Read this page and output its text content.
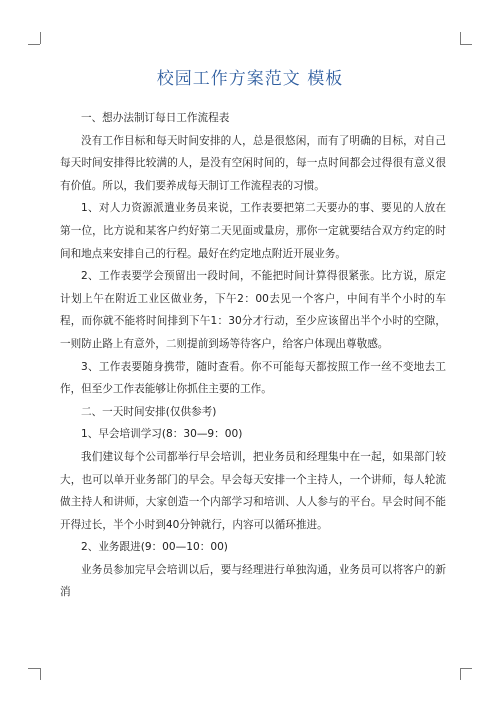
校园工作方案范文 模板

一、想办法制订每日工作流程表

没有工作目标和每天时间安排的人，总是很悠闲，而有了明确的目标，对自己每天时间安排得比较满的人，是没有空闲时间的，每一点时间都会过得很有意义很有价值。所以，我们要养成每天制订工作流程表的习惯。

1、对人力资源派遣业务员来说，工作表要把第二天要办的事、要见的人放在第一位，比方说和某客户约好第二天见面或量房，那你一定就要结合双方约定的时间和地点来安排自己的行程。最好在约定地点附近开展业务。

2、工作表要学会预留出一段时间，不能把时间计算得很紧张。比方说，原定计划上午在附近工业区做业务，下午2：00去见一个客户，中间有半个小时的车程，而你就不能将时间排到下午1：30分才行动，至少应该留出半个小时的空隙，一则防止路上有意外，二则提前到场等待客户，给客户体现出尊敬感。

3、工作表要随身携带，随时查看。你不可能每天都按照工作一丝不变地去工作，但至少工作表能够让你抓住主要的工作。

二、一天时间安排(仅供参考)

1、早会培训学习(8：30—9：00)

我们建议每个公司都举行早会培训，把业务员和经理集中在一起，如果部门较大，也可以单开业务部门的早会。早会每天安排一个主持人，一个讲师，每人轮流做主持人和讲师，大家创造一个内部学习和培训、人人参与的平台。早会时间不能开得过长，半个小时到40分钟就行，内容可以循环推进。

2、业务跟进(9：00—10：00)

业务员参加完早会培训以后，要与经理进行单独沟通，业务员可以将客户的新消
